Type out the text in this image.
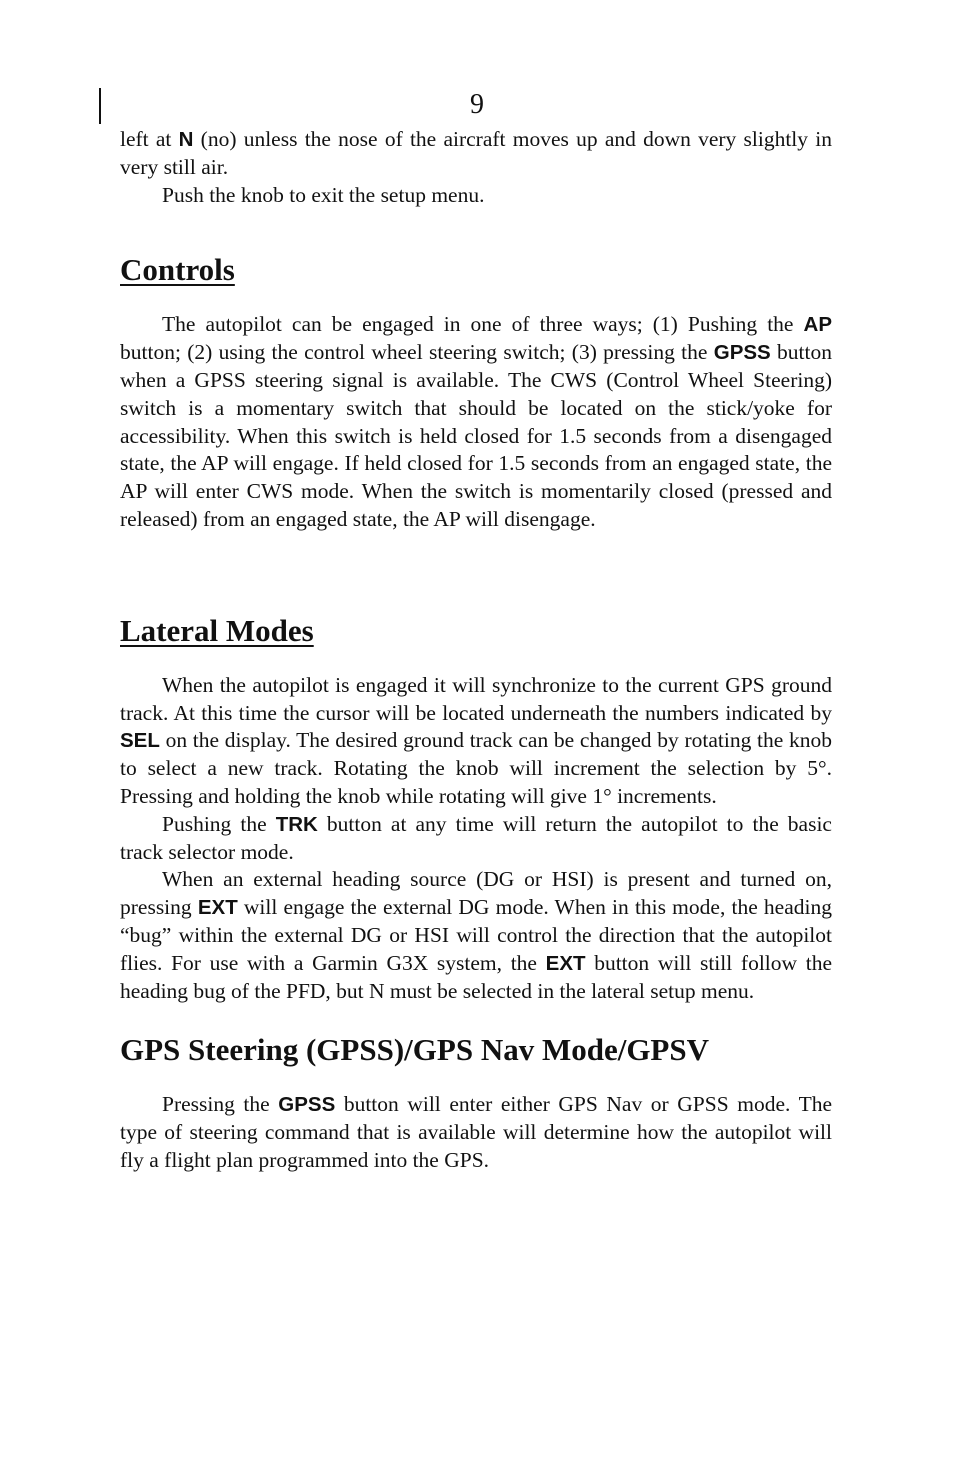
9

left at N (no) unless the nose of the aircraft moves up and down very slightly in very still air.

Push the knob to exit the setup menu.

Controls

The autopilot can be engaged in one of three ways; (1) Pushing the AP button; (2) using the control wheel steering switch; (3) pressing the GPSS button when a GPSS steering signal is available. The CWS (Control Wheel Steering) switch is a momentary switch that should be located on the stick/yoke for accessibility. When this switch is held closed for 1.5 seconds from a disengaged state, the AP will engage. If held closed for 1.5 seconds from an engaged state, the AP will enter CWS mode. When the switch is momentarily closed (pressed and released) from an engaged state, the AP will disengage.

Lateral Modes

When the autopilot is engaged it will synchronize to the current GPS ground track. At this time the cursor will be located underneath the numbers indicated by SEL on the display. The desired ground track can be changed by rotating the knob to select a new track. Rotating the knob will increment the selection by 5°. Pressing and holding the knob while rotating will give 1° increments.

Pushing the TRK button at any time will return the autopilot to the basic track selector mode.

When an external heading source (DG or HSI) is present and turned on, pressing EXT will engage the external DG mode. When in this mode, the heading “bug” within the external DG or HSI will control the direction that the autopilot flies. For use with a Garmin G3X system, the EXT button will still follow the heading bug of the PFD, but N must be selected in the lateral setup menu.

GPS Steering (GPSS)/GPS Nav Mode/GPSV

Pressing the GPSS button will enter either GPS Nav or GPSS mode. The type of steering command that is available will determine how the autopilot will fly a flight plan programmed into the GPS.
